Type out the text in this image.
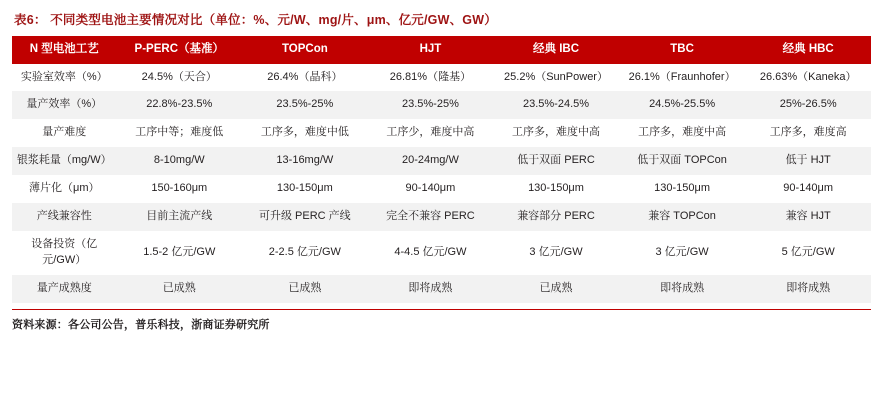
表6： 不同类型电池主要情况对比（单位：%、元/W、mg/片、μm、亿元/GW、GW）
N 型电池工艺	P-PERC（基准）	TOPCon	HJT	经典 IBC	TBC	经典 HBC
实验室效率（%）	24.5%（天合）	26.4%（晶科）	26.81%（隆基）	25.2%（SunPower）	26.1%（Fraunhofer）	26.63%（Kaneka）
量产效率（%）	22.8%-23.5%	23.5%-25%	23.5%-25%	23.5%-24.5%	24.5%-25.5%	25%-26.5%
量产难度	工序中等；难度低	工序多，难度中低	工序少，难度中高	工序多，难度中高	工序多，难度中高	工序多，难度高
银浆耗量（mg/W）	8-10mg/W	13-16mg/W	20-24mg/W	低于双面 PERC	低于双面 TOPCon	低于 HJT
薄片化（μm）	150-160μm	130-150μm	90-140μm	130-150μm	130-150μm	90-140μm
产线兼容性	目前主流产线	可升级 PERC 产线	完全不兼容 PERC	兼容部分 PERC	兼容 TOPCon	兼容 HJT
设备投资（亿元/GW）	1.5-2 亿元/GW	2-2.5 亿元/GW	4-4.5 亿元/GW	3 亿元/GW	3 亿元/GW	5 亿元/GW
量产成熟度	已成熟	已成熟	即将成熟	已成熟	即将成熟	即将成熟
资料来源：各公司公告，普乐科技，浙商证券研究所
